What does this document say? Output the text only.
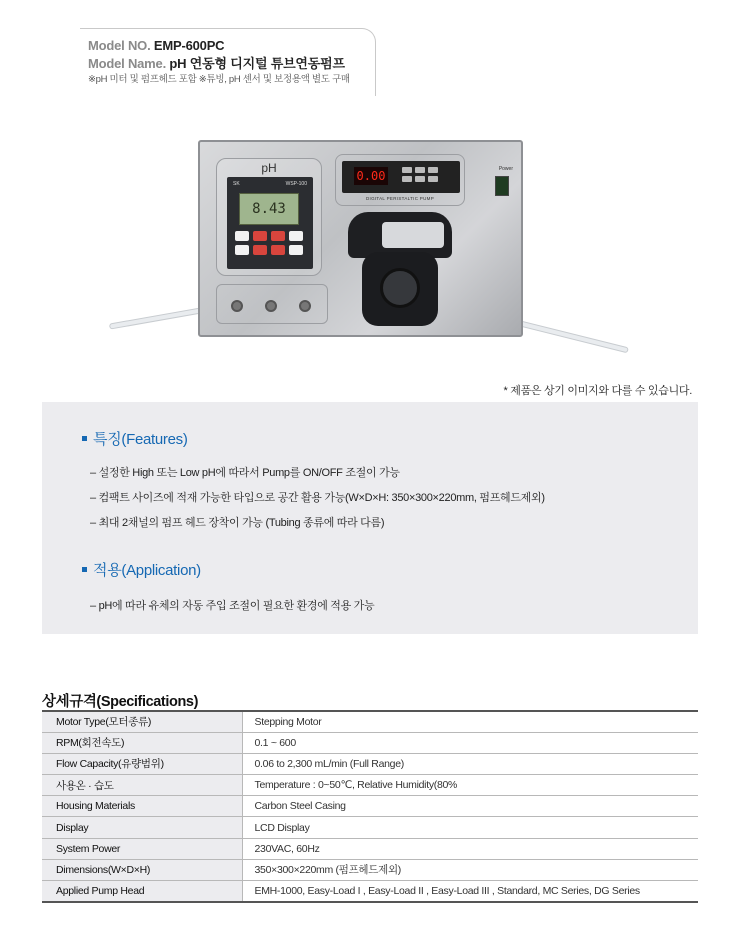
Model NO. EMP-600PC
Model Name. pH 연동형 디지털 튜브연동펌프
※pH 미터 및 펌프헤드 포함 ※튜빙, pH 센서 및 보정용액 별도 구매
pH
SK	WSP-100
8.43
0.00
DIGITAL PERISTALTIC PUMP
Power
* 제품은 상기 이미지와 다를 수 있습니다.
특징(Features)
– 설정한 High 또는 Low pH에 따라서 Pump를 ON/OFF 조절이 가능
– 컴팩트 사이즈에 적재 가능한 타입으로 공간 활용 가능(W×D×H: 350×300×220mm, 펌프헤드제외)
– 최대 2채널의 펌프 헤드 장착이 가능 (Tubing 종류에 따라 다름)
적용(Application)
– pH에 따라 유체의 자동 주입 조절이 필요한 환경에 적용 가능
상세규격(Specifications)
Motor Type(모터종류)	Stepping Motor
RPM(회전속도)	0.1 ~ 600
Flow Capacity(유량범위)	0.06 to 2,300 mL/min (Full Range)
사용온 · 습도	Temperature : 0~50℃, Relative Humidity(80%
Housing Materials	Carbon Steel Casing
Display	LCD Display
System Power	230VAC, 60Hz
Dimensions(W×D×H)	350×300×220mm (펌프헤드제외)
Applied Pump Head	EMH-1000, Easy-Load I , Easy-Load II , Easy-Load III , Standard, MC Series, DG Series
